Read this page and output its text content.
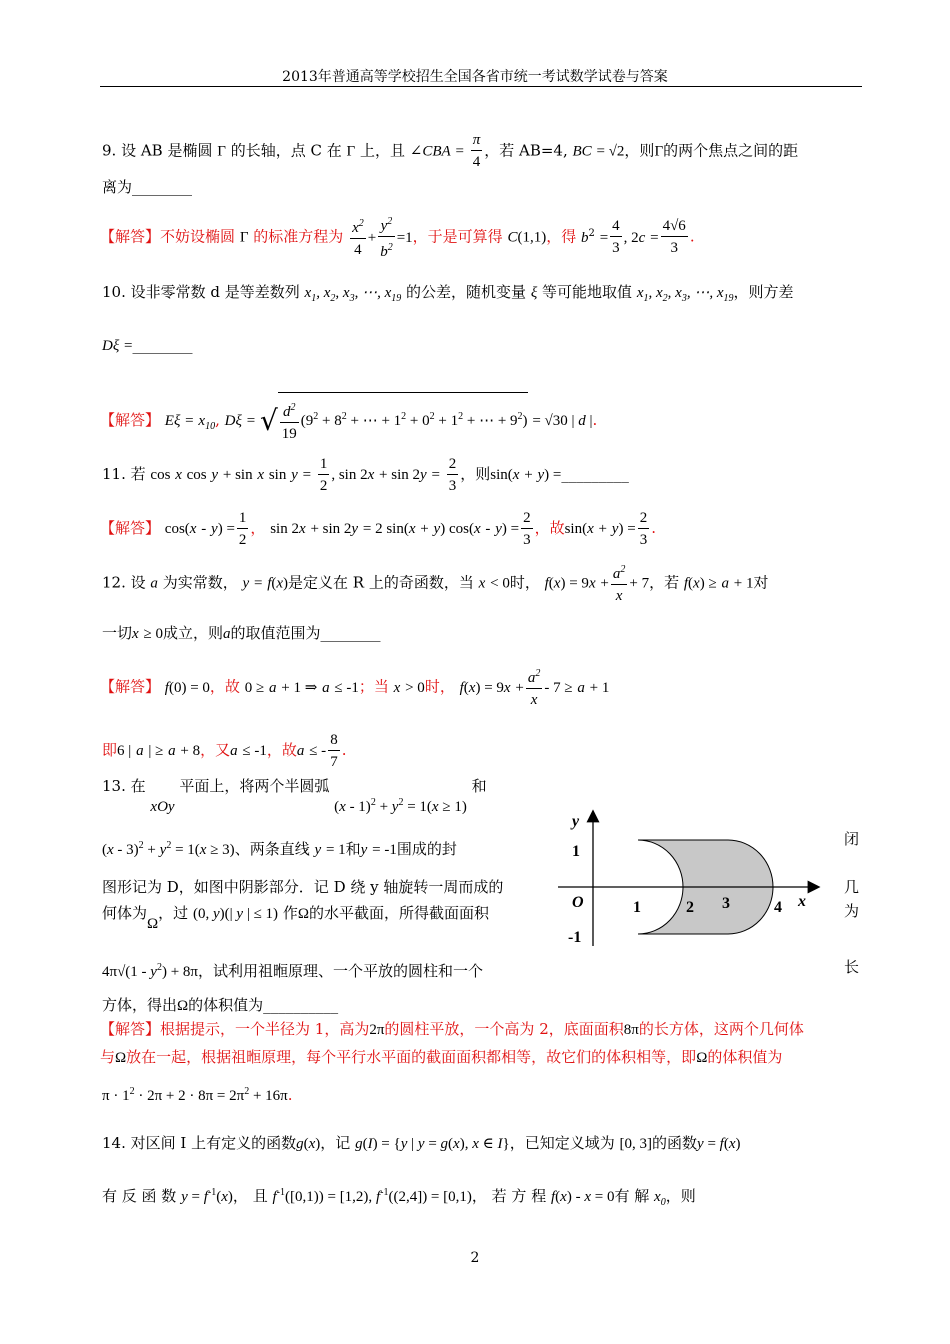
2013年普通高等学校招生全国各省市统一考试数学试卷与答案
9. 设 AB 是椭圆 Γ 的长轴，点 C 在 Γ 上，且 ∠CBA = $\frac{\pi}{4}$ ，若 AB=4, BC = √2，则Γ的两个焦点之间的距
离为________
【解答】不妨设椭圆 Γ 的标准方程为 $\frac{x^2}{4} + \frac{y^2}{b^2} =1$，于是可算得 C(1,1)，得 $b^2 = \frac{4}{3}$ , $2c = \frac{4√6}{3}$ .
10. 设非零常数 d 是等差数列 $x_1$, $x_2$, $x_3$, ⋯, $x_{19}$ 的公差，随机变量 ξ 等可能地取值 $x_1$, $x_2$, $x_3$, ⋯, $x_{19}$，则方差
Dξ =________
【解答】 $E\xi = x_{10}$, Dξ = √ $\frac{d^2}{19} (9^2 + 8^2$ + ⋯ + $1^2 + 0^2 + 1^2$ + ⋯ + $9^2) = √30$ | d |.
11. 若 cos x cos y + sin x $\sin y = \frac{1}{2}$ , $\sin 2x + \sin 2y = \frac{2}{3}$ ，则sin(x + y) =_________
【解答】 $\cos(x - y) = \frac{1}{2}$ ， sin 2x + sin 2y = 2 sin(x + y) $\cos(x - y) = \frac{2}{3}$ ，故$\sin(x + y) = \frac{2}{3}$ .
12. 设 a 为实常数， y = f(x)是定义在 R 上的奇函数，当 x < 0时， $f(x) = 9x + \frac{a^2}{x} + 7$，若 f(x) ≥ a + 1对
一切x ≥ 0成立，则a的取值范围为________
【解答】 f(0) = 0，故 0 ≥ a + 1 ⇒ a ≤ -1；当 x > 0时， $f(x) = 9x + \frac{a^2}{x} - 7 \ge a + 1$
即6 | a | ≥ a + 8，又a ≤ -1，故a ≤ - $\frac{8}{7}$ .
13. 在 xOy 平面上，将两个半圆弧 $(x - 1)^2 + y^2 = 1(x \ge 1)$ 和
$(x - 3)^2 + y^2 = 1(x \ge 3)$、两条直线 y = 1和y = -1围成的封
闭
图形记为 D，如图中阴影部分．记 D 绕 y 轴旋转一周而成的	几
何体为Ω，过 (0, y)(| y | ≤ 1) 作Ω的水平截面，所得截面面积	为
$4\pi√(1 - y^2) + 8\pi$，试利用祖暅原理、一个平放的圆柱和一个	长
方体，得出Ω的体积值为__________
y
x
O	1	2 3	4
1
-1
【解答】根据提示，一个半径为 1，高为2π的圆柱平放，一个高为 2，底面面积8π的长方体，这两个几何体
与Ω放在一起，根据祖暅原理，每个平行水平面的截面面积都相等，故它们的体积相等，即Ω的体积值为
$\pi \cdot 1^2 \cdot 2\pi + 2 \cdot 8\pi = 2\pi^2 + 16\pi$.
14. 对区间 I 上有定义的函数g(x)，记 g(I) = {y | y = g(x), x ∈ I}，已知定义域为 [0, 3]的函数y = f(x)
有 反 函 数 $y = f^{-1}(x)$， 且 $f^{-1}([0,1)) = [1,2)$, $f^{-1}((2,4]) = [0,1)$， 若 方 程 f(x) - x = 0有 解 $x_0$，则
2
